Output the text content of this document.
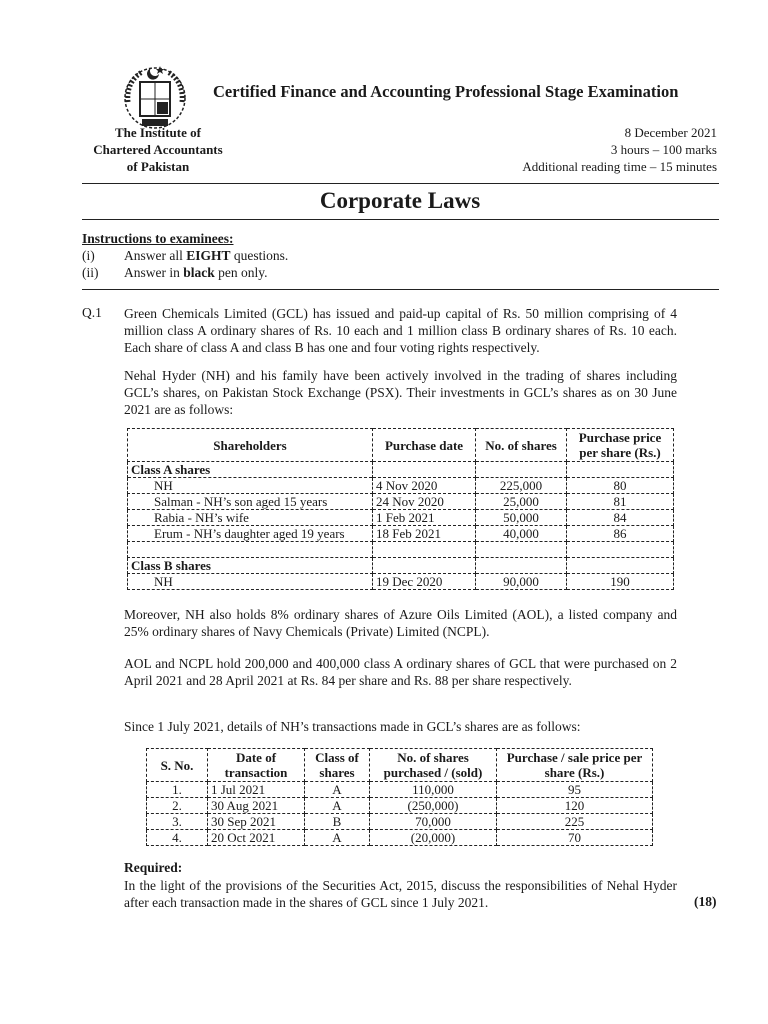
Certified Finance and Accounting Professional Stage Examination
The Institute of
Chartered Accountants
of Pakistan
8 December 2021
3 hours – 100 marks
Additional reading time – 15 minutes
Corporate Laws
Instructions to examinees:
(i) Answer all EIGHT questions.
(ii) Answer in black pen only.
Q.1 Green Chemicals Limited (GCL) has issued and paid-up capital of Rs. 50 million comprising of 4 million class A ordinary shares of Rs. 10 each and 1 million class B ordinary shares of Rs. 10 each. Each share of class A and class B has one and four voting rights respectively.
Nehal Hyder (NH) and his family have been actively involved in the trading of shares including GCL’s shares, on Pakistan Stock Exchange (PSX). Their investments in GCL’s shares as on 30 June 2021 are as follows:
Shareholders	Purchase date	No. of shares	Purchase price per share (Rs.)
Class A shares			
NH	4 Nov 2020	225,000	80
Salman - NH’s son aged 15 years	24 Nov 2020	25,000	81
Rabia - NH’s wife	1 Feb 2021	50,000	84
Erum - NH’s daughter aged 19 years	18 Feb 2021	40,000	86

Class B shares			
NH	19 Dec 2020	90,000	190
Moreover, NH also holds 8% ordinary shares of Azure Oils Limited (AOL), a listed company and 25% ordinary shares of Navy Chemicals (Private) Limited (NCPL).
AOL and NCPL hold 200,000 and 400,000 class A ordinary shares of GCL that were purchased on 2 April 2021 and 28 April 2021 at Rs. 84 per share and Rs. 88 per share respectively.
Since 1 July 2021, details of NH’s transactions made in GCL’s shares are as follows:
S. No.	Date of transaction	Class of shares	No. of shares purchased / (sold)	Purchase / sale price per share (Rs.)
1.	1 Jul 2021	A	110,000	95
2.	30 Aug 2021	A	(250,000)	120
3.	30 Sep 2021	B	70,000	225
4.	20 Oct 2021	A	(20,000)	70
Required:
In the light of the provisions of the Securities Act, 2015, discuss the responsibilities of Nehal Hyder after each transaction made in the shares of GCL since 1 July 2021.	(18)
